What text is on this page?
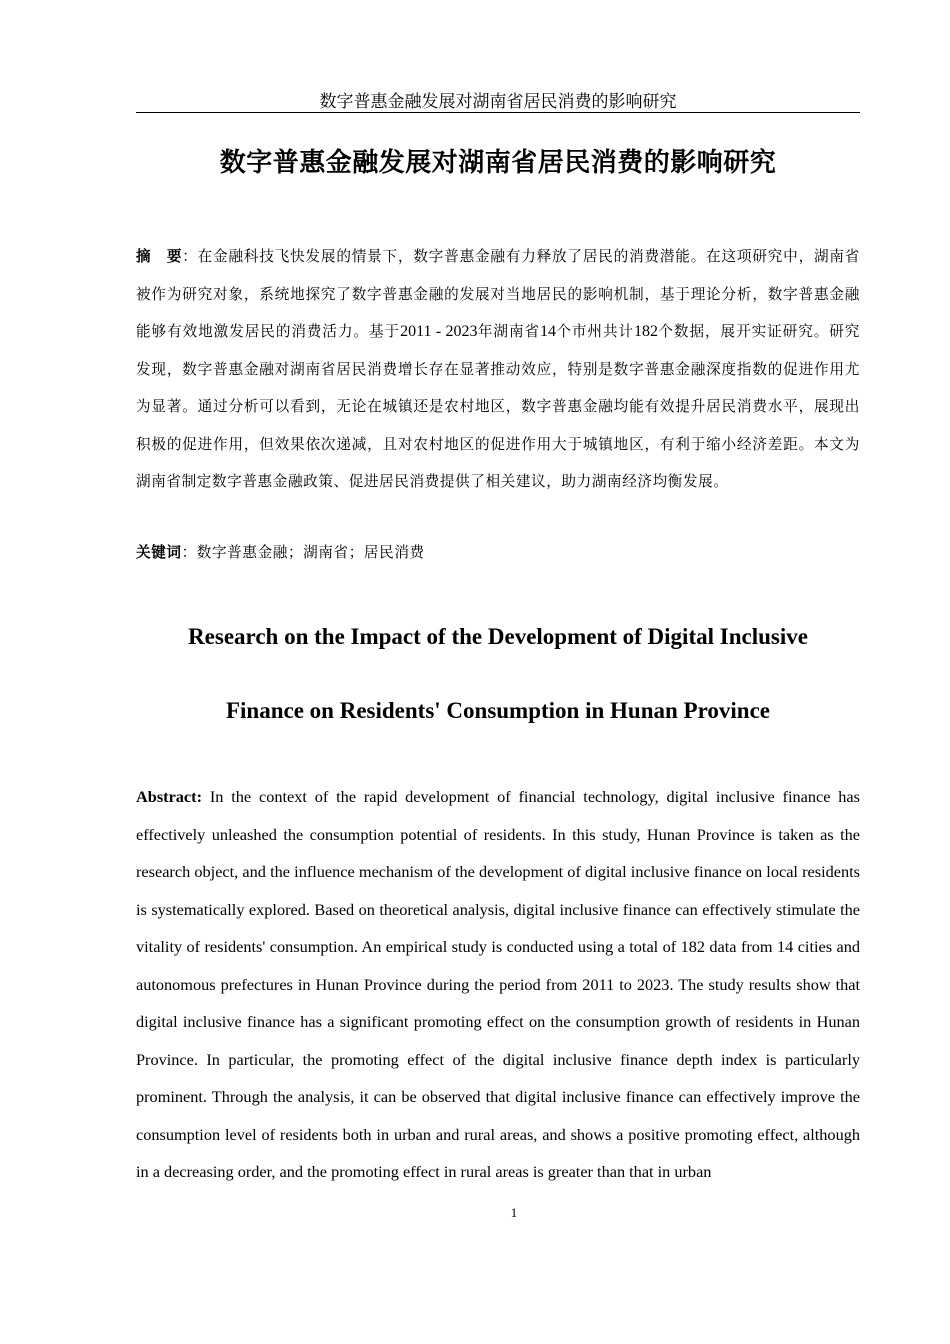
数字普惠金融发展对湖南省居民消费的影响研究
数字普惠金融发展对湖南省居民消费的影响研究

摘　要：在金融科技飞快发展的情景下，数字普惠金融有力释放了居民的消费潜能。在这项研究中，湖南省被作为研究对象，系统地探究了数字普惠金融的发展对当地居民的影响机制，基于理论分析，数字普惠金融能够有效地激发居民的消费活力。基于2011 - 2023年湖南省14个市州共计182个数据，展开实证研究。研究发现，数字普惠金融对湖南省居民消费增长存在显著推动效应，特别是数字普惠金融深度指数的促进作用尤为显著。通过分析可以看到，无论在城镇还是农村地区，数字普惠金融均能有效提升居民消费水平，展现出积极的促进作用，但效果依次递减，且对农村地区的促进作用大于城镇地区，有利于缩小经济差距。本文为湖南省制定数字普惠金融政策、促进居民消费提供了相关建议，助力湖南经济均衡发展。

关键词：数字普惠金融；湖南省；居民消费

Research on the Impact of the Development of Digital Inclusive
Finance on Residents' Consumption in Hunan Province

Abstract: In the context of the rapid development of financial technology, digital inclusive finance has effectively unleashed the consumption potential of residents. In this study, Hunan Province is taken as the research object, and the influence mechanism of the development of digital inclusive finance on local residents is systematically explored. Based on theoretical analysis, digital inclusive finance can effectively stimulate the vitality of residents' consumption. An empirical study is conducted using a total of 182 data from 14 cities and autonomous prefectures in Hunan Province during the period from 2011 to 2023. The study results show that digital inclusive finance has a significant promoting effect on the consumption growth of residents in Hunan Province. In particular, the promoting effect of the digital inclusive finance depth index is particularly prominent. Through the analysis, it can be observed that digital inclusive finance can effectively improve the consumption level of residents both in urban and rural areas, and shows a positive promoting effect, although in a decreasing order, and the promoting effect in rural areas is greater than that in urban

1
